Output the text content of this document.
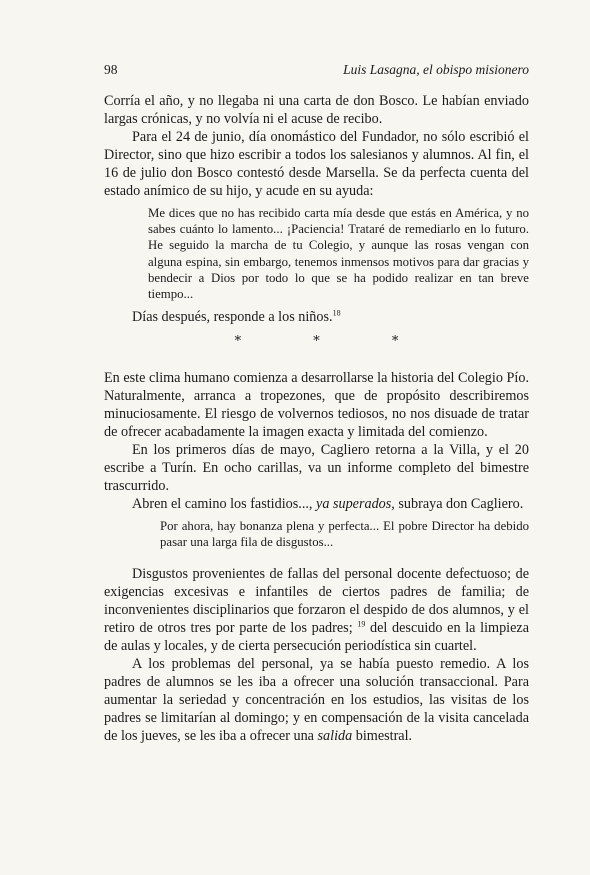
98	Luis Lasagna, el obispo misionero

Corría el año, y no llegaba ni una carta de don Bosco. Le habían enviado largas crónicas, y no volvía ni el acuse de recibo.

Para el 24 de junio, día onomástico del Fundador, no sólo escribió el Director, sino que hizo escribir a todos los salesianos y alumnos. Al fin, el 16 de julio don Bosco contestó desde Marsella. Se da perfecta cuenta del estado anímico de su hijo, y acude en su ayuda:

Me dices que no has recibido carta mía desde que estás en América, y no sabes cuánto lo lamento... ¡Paciencia! Trataré de remediarlo en lo futuro. He seguido la marcha de tu Colegio, y aunque las rosas vengan con alguna espina, sin embargo, tenemos inmensos motivos para dar gracias y bendecir a Dios por todo lo que se ha podido realizar en tan breve tiempo...

Días después, responde a los niños.$^{18}$

* * *

En este clima humano comienza a desarrollarse la historia del Colegio Pío. Naturalmente, arranca a tropezones, que de propósito describiremos minuciosamente. El riesgo de volvernos tediosos, no nos disuade de tratar de ofrecer acabadamente la imagen exacta y limitada del comienzo.

En los primeros días de mayo, Cagliero retorna a la Villa, y el 20 escribe a Turín. En ocho carillas, va un informe completo del bimestre trascurrido.

Abren el camino los fastidios..., ya superados, subraya don Cagliero.

Por ahora, hay bonanza plena y perfecta... El pobre Director ha debido pasar una larga fila de disgustos...

Disgustos provenientes de fallas del personal docente defectuoso; de exigencias excesivas e infantiles de ciertos padres de familia; de inconvenientes disciplinarios que forzaron el despido de dos alumnos, y el retiro de otros tres por parte de los padres; $^{19}$ del descuido en la limpieza de aulas y locales, y de cierta persecución periodística sin cuartel.

A los problemas del personal, ya se había puesto remedio. A los padres de alumnos se les iba a ofrecer una solución transaccional. Para aumentar la seriedad y concentración en los estudios, las visitas de los padres se limitarían al domingo; y en compensación de la visita cancelada de los jueves, se les iba a ofrecer una salida bimestral.
